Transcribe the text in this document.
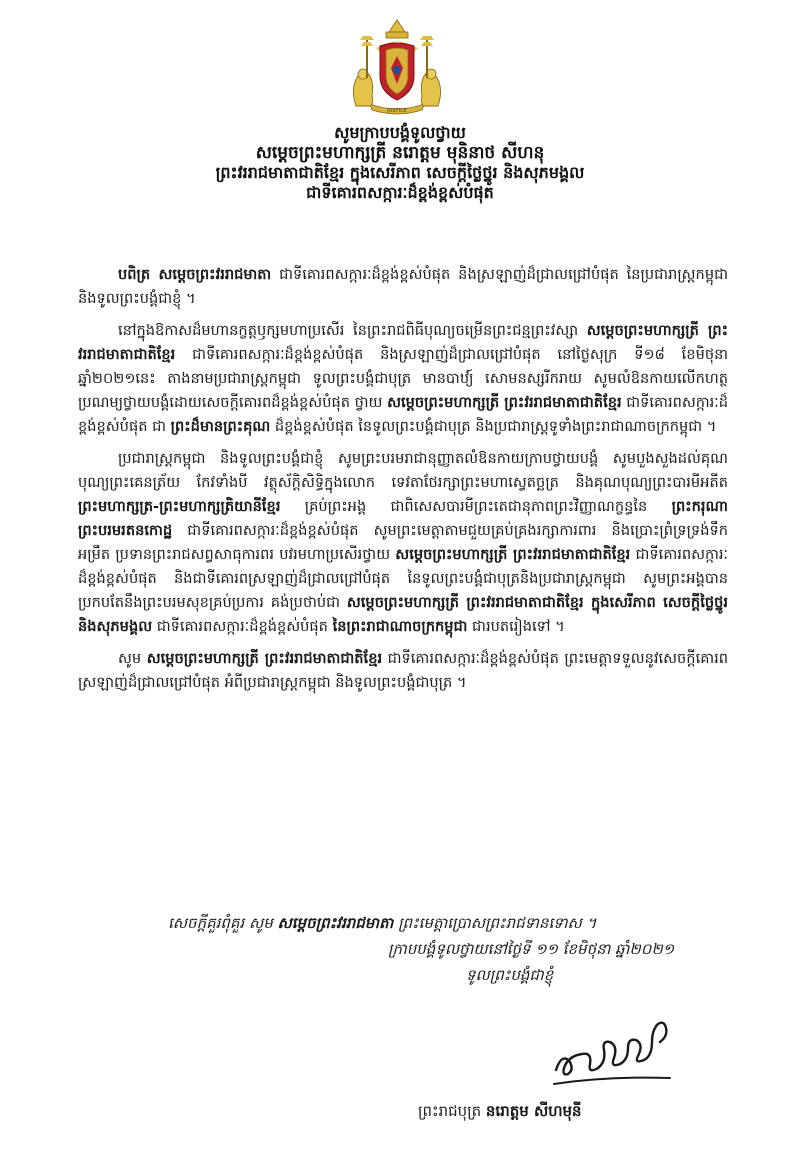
JUSTICE
សូមក្រាបបង្គំទូលថ្វាយ
សម្តេចព្រះមហាក្សត្រី នរោត្តម មុនិនាថ សីហនុ
ព្រះវររាជមាតាជាតិខ្មែរ ក្នុងសេរីភាព សេចក្តីថ្លៃថ្នូរ និងសុភមង្គល
ជាទីគោរពសក្ការៈដ៏ខ្ពង់ខ្ពស់បំផុត

បពិត្រ សម្តេចព្រះវររាជមាតា ជាទីគោរពសក្ការៈដ៏ខ្ពង់ខ្ពស់បំផុត និងស្រឡាញ់ដ៏ជ្រាលជ្រៅបំផុត នៃប្រជារាស្ត្រកម្ពុជា និងទូលព្រះបង្គំជាខ្ញុំ ។

នៅក្នុងឱកាសដ៏មហានក្ខត្តឫក្សមហាប្រសើរ នៃព្រះរាជពិធីបុណ្យចម្រើនព្រះជន្មព្រះវស្សា សម្តេចព្រះមហាក្សត្រី ព្រះវររាជមាតាជាតិខ្មែរ ជាទីគោរពសក្ការៈដ៏ខ្ពង់ខ្ពស់បំផុត និងស្រឡាញ់ដ៏ជ្រាលជ្រៅបំផុត នៅថ្ងៃសុក្រ ទី១៨ ខែមិថុនា ឆ្នាំ២០២១នេះ តាងនាមប្រជារាស្ត្រកម្ពុជា ទូលព្រះបង្គំជាបុត្រ មានបាឋ្យ៍ សោមនស្សរីករាយ សូមលំឱនកាយលើកហត្ថប្រណម្យថ្វាយបង្គំដោយសេចក្តីគោរពដ៏ខ្ពង់ខ្ពស់បំផុត ថ្វាយ សម្តេចព្រះមហាក្សត្រី ព្រះវររាជមាតាជាតិខ្មែរ ជាទីគោរពសក្ការៈដ៏ខ្ពង់ខ្ពស់បំផុត ជា ព្រះដ៏មានព្រះគុណ ដ៏ខ្ពង់ខ្ពស់បំផុត នៃទូលព្រះបង្គំជាបុត្រ និងប្រជារាស្ត្រទូទាំងព្រះរាជាណាចក្រកម្ពុជា ។

ប្រជារាស្ត្រកម្ពុជា និងទូលព្រះបង្គំជាខ្ញុំ សូមព្រះបរមរាជានុញ្ញាតលំឱនកាយក្រាបថ្វាយបង្គំ សូមបួងសួងដល់គុណបុណ្យព្រះគេនត្រ័យ កែវទាំងបី វត្ថុស័ក្តិសិទ្ធិក្នុងលោក ទេវតាថែរក្សាព្រះមហាស្វេតច្ឆត្រ និងគុណបុណ្យព្រះបារមីអតីត ព្រះមហាក្សត្រ-ព្រះមហាក្សត្រិយានីខ្មែរ គ្រប់ព្រះអង្គ ជាពិសេសបារមីព្រះតេជានុភាពព្រះវិញ្ញាណក្ខន្ធនៃ ព្រះករុណា ព្រះបរមរតនកោដ្ឋ ជាទីគោរពសក្ការៈដ៏ខ្ពង់ខ្ពស់បំផុត សូមព្រះមេត្តាតាមជួយគ្រប់គ្រងរក្សាការពារ និងប្រោះព្រំទ្រទ្រង់ទឹកអម្រឹត ប្រទានព្រះរាជសព្វសាធុការពរ បវរមហាប្រសើរថ្វាយ សម្តេចព្រះមហាក្សត្រី ព្រះវររាជមាតាជាតិខ្មែរ ជាទីគោរពសក្ការៈដ៏ខ្ពង់ខ្ពស់បំផុត និងជាទីគោរពស្រឡាញ់ដ៏ជ្រាលជ្រៅបំផុត នៃទូលព្រះបង្គំជាបុត្រនិងប្រជារាស្ត្រកម្ពុជា សូមព្រះអង្គបានប្រកបតែនឹងព្រះបរមសុខគ្រប់ប្រការ គង់ប្រថាប់ជា សម្តេចព្រះមហាក្សត្រី ព្រះវររាជមាតាជាតិខ្មែរ ក្នុងសេរីភាព សេចក្តីថ្លៃថ្នូរ និងសុភមង្គល ជាទីគោរពសក្ការៈដ៏ខ្ពង់ខ្ពស់បំផុត នៃព្រះរាជាណាចក្រកម្ពុជា ជារបតរៀងទៅ ។

សូម សម្តេចព្រះមហាក្សត្រី ព្រះវររាជមាតាជាតិខ្មែរ ជាទីគោរពសក្ការៈដ៏ខ្ពង់ខ្ពស់បំផុត ព្រះមេត្តាទទួលនូវសេចក្តីគោរពស្រឡាញ់ដ៏ជ្រាលជ្រៅបំផុត អំពីប្រជារាស្ត្រកម្ពុជា និងទូលព្រះបង្គំជាបុត្រ ។

សេចក្តីគួរពុំគួរ សូម សម្តេចព្រះវររាជមាតា ព្រះមេត្តាប្រោសព្រះរាជទានទោស ។
ក្រាបបង្គំទូលថ្វាយនៅថ្ងៃទី ១១ ខែមិថុនា ឆ្នាំ២០២១
ទូលព្រះបង្គំជាខ្ញុំ
ព្រះរាជបុត្រ នរោត្តម សីហមុនី
